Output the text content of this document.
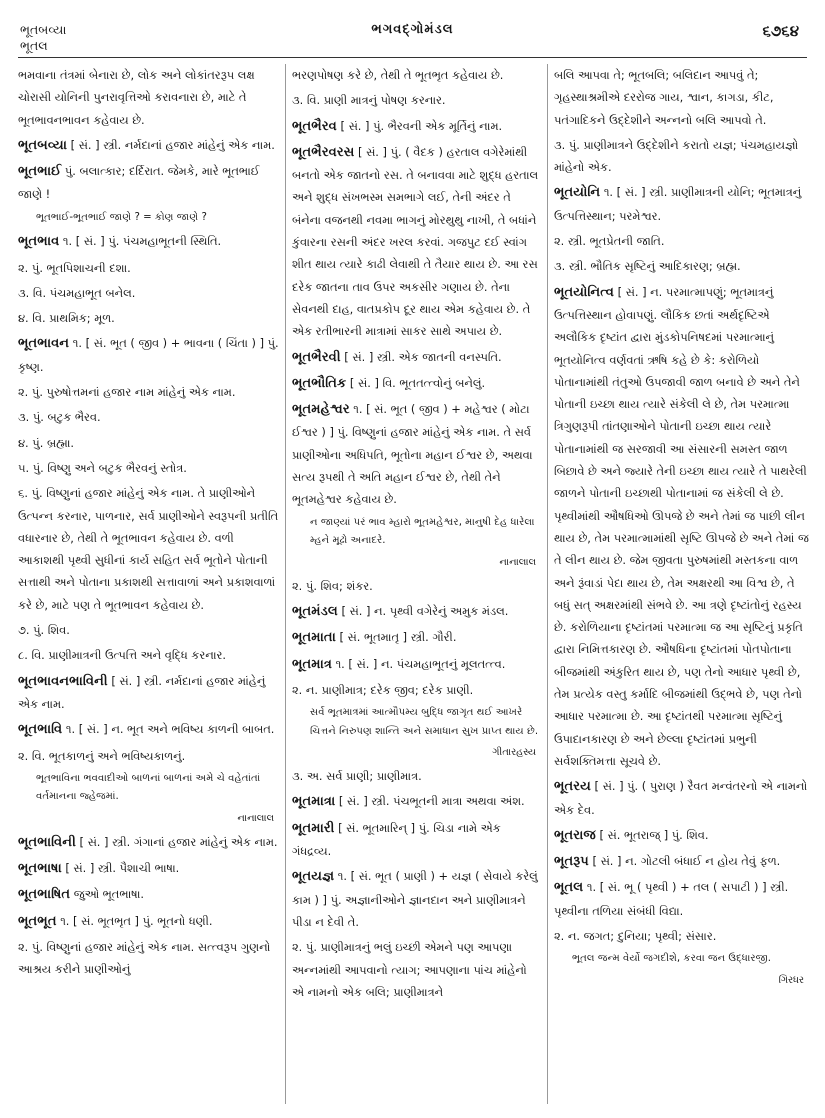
ભૂતબવ્યા
ભૂતલ
ભગવદ્ગોમંડલ	૬૭૬૪
ભમવાના તંત્રમાં બેનારા છે, લોક અને લોકાંતરરૂપ લક્ષ ચોરાસી યોનિની પુનરાવૃત્તિઓ કરાવનારા છે, માટે તે ભૂતભાવનભાવન કહેવાય છે.
ભૂતબવ્યા [ સં. ] સ્ત્રી. નર્મદાનાં હજાર માંહેનું એક નામ.
ભૂતભાઈ પું. બલાત્કાર; દર્દિરાત. જેમકે, મારે ભૂતભાઈ જાણે !
ભૂતભાઈ-ભૂતભાઈ જાણે ? = કોણ જાણે ?
ભૂતભાવ ૧. [ સં. ] પું. પંચમહાભૂતની સ્થિતિ.
૨. પું. ભૂતપિશાચની દશા.
૩. વિ. પંચમહાભૂત બનેલ.
૪. વિ. પ્રાથમિક; મૂળ.
ભૂતભાવન ૧. [ સં. ભૂત ( જીવ ) + ભાવના ( ચિંતા ) ] પું. કૃષ્ણ.
૨. પું. પુરુષોત્તમનાં હજાર નામ માંહેનું એક નામ.
૩. પું. બટુક ભૈરવ.
૪. પું. બ્રહ્મા.
૫. પું. વિષ્ણુ અને બટુક ભૈરવનું સ્તોત્ર.
૬. પું. વિષ્ણુનાં હજાર માંહેનું એક નામ. તે પ્રાણીઓને ઉત્પન્ન કરનાર, પાળનાર, સર્વ પ્રાણીઓને સ્વરૂપની પ્રતીતિ વધારનાર છે, તેથી તે ભૂતભાવન કહેવાય છે. વળી આકાશથી પૃથ્વી સુધીનાં કાર્ય સહિત સર્વ ભૂતોને પોતાની સત્તાથી અને પોતાના પ્રકાશથી સત્તાવાળાં અને પ્રકાશવાળાં કરે છે, માટે પણ તે ભૂતભાવન કહેવાય છે.
૭. પું. શિવ.
૮. વિ. પ્રાણીમાત્રની ઉત્પત્તિ અને વૃદ્ધિ કરનાર.
ભૂતભાવનભાવિની [ સં. ] સ્ત્રી. નર્મદાનાં હજાર માંહેનું એક નામ.
ભૂતભાવિ ૧. [ સં. ] ન. ભૂત અને ભવિષ્ય કાળની બાબત.
૨. વિ. ભૂતકાળનું અને ભવિષ્યકાળનું.
ભૂતભાવિના ભવવાદીઓ બાળનાં બાળનાં અમે ચે વહેતાંતાં વર્તમાનના જ્હેજમાં.
નાનાલાલ
ભૂતભાવિની [ સં. ] સ્ત્રી. ગંગાનાં હજાર માંહેનું એક નામ.
ભૂતભાષા [ સં. ] સ્ત્રી. પૈશાચી ભાષા.
ભૂતભાષિત જુઓ ભૂતભાષા.
ભૂતભૂત ૧. [ સં. ભૂતભૃત ] પું. ભૂતનો ધણી.
૨. પું. વિષ્ણુનાં હજાર માંહેનું એક નામ. સત્ત્વરૂપ ગુણનો આશ્રય કરીને પ્રાણીઓનું
ભરણપોષણ કરે છે, તેથી તે ભૂતભૃત કહેવાય છે.
૩. વિ. પ્રાણી માત્રનું પોષણ કરનાર.
ભૂતભૈરવ [ સં. ] પું. ભૈરવની એક મૂર્તિનું નામ.
ભૂતભૈરવરસ [ સં. ] પું. ( વૈદક ) હરતાલ વગેરેમાંથી બનતો એક જાતનો રસ. તે બનાવવા માટે શુદ્ધ હરતાલ અને શુદ્ધ સંખભસ્મ સમભાગે લઈ, તેની અંદર તે બંનેના વજનથી નવમા ભાગનું મોરથુથુ નાખી, તે બધાંને કુંવારના રસની અંદર ખરલ કરવાં. ગજપુટ દઈ સ્વાંગ શીત થાય ત્યારે કાઢી લેવાથી તે તૈયાર થાય છે. આ રસ દરેક જાતના તાવ ઉપર અકસીર ગણાય છે. તેના સેવનથી દાહ, વાતપ્રકોપ દૂર થાય એમ કહેવાય છે. તે એક રતીભારની માત્રામાં સાકર સાથે અપાય છે.
ભૂતભૈરવી [ સં. ] સ્ત્રી. એક જાતની વનસ્પતિ.
ભૂતભૌતિક [ સં. ] વિ. ભૂતતત્ત્વોનું બનેલું.
ભૂતમહેશ્વર ૧. [ સં. ભૂત ( જીવ ) + મહેશ્વર ( મોટા ઈશ્વર ) ] પું. વિષ્ણુનાં હજાર માંહેનું એક નામ. તે સર્વ પ્રાણીઓના અધિપતિ, ભૂતોના મહાન ઈશ્વર છે, અથવા સત્ય રૂપથી તે અતિ મહાન ઈશ્વર છે, તેથી તેને ભૂતમહેશ્વર કહેવાય છે.
ન જાણ્યાં પરં ભાવ મ્હારો ભૂતમહેશ્વર, માનુષી દેહ ધારેલા મ્હને મૂઢો અનાદરે.
નાનાલાલ
૨. પું. શિવ; શંકર.
ભૂતમંડલ [ સં. ] ન. પૃથ્વી વગેરેનું અમુક મંડલ.
ભૂતમાતા [ સં. ભૂતમાતૃ ] સ્ત્રી. ગૌરી.
ભૂતમાત્ર ૧. [ સં. ] ન. પંચમહાભૂતનું મૂલતત્ત્વ.
૨. ન. પ્રાણીમાત્ર; દરેક જીવ; દરેક પ્રાણી.
સર્વ ભૂતમાત્રમાં આત્મૌપમ્ય બુદ્ધિ જાગૃત થઈ આખરે ચિત્તને નિરુપણ શાન્તિ અને સમાધાન સુખ પ્રાપ્ત થાય છે.
ગીતારહસ્ય
૩. અ. સર્વ પ્રાણી; પ્રાણીમાત્ર.
ભૂતમાત્રા [ સં. ] સ્ત્રી. પંચભૂતની માત્રા અથવા અંશ.
ભૂતમારી [ સં. ભૂતમારિન્ ] પું. ચિડા નામે એક ગંધદ્રવ્ય.
ભૂતયજ્ઞ ૧. [ સં. ભૂત ( પ્રાણી ) + યજ્ઞ ( સેવાયે કરેલું કામ ) ] પું. અજ્ઞાનીઓને જ્ઞાનદાન અને પ્રાણીમાત્રને પીડા ન દેવી તે.
૨. પું. પ્રાણીમાત્રનું ભલું ઇચ્છી એમને પણ આપણા અન્નમાંથી આપવાનો ત્યાગ; આપણાના પાંચ માંહેનો એ નામનો એક બલિ; પ્રાણીમાત્રને
બલિ આપવા તે; ભૂતબલિ; બલિદાન આપવું તે; ગૃહસ્થાશ્રમીએ દરરોજ ગાય, શ્વાન, કાગડા, કીટ, પતંગાદિકને ઉદ્દેશીને અન્નનો બલિ આપવો તે.
૩. પું. પ્રાણીમાત્રને ઉદ્દેશીને કરાતો યજ્ઞ; પંચમહાયજ્ઞો માંહેનો એક.
ભૂતયોનિ ૧. [ સં. ] સ્ત્રી. પ્રાણીમાત્રની યોનિ; ભૂતમાત્રનું ઉત્પત્તિસ્થાન; પરમેશ્વર.
૨. સ્ત્રી. ભૂતપ્રેતની જાતિ.
૩. સ્ત્રી. ભૌતિક સૃષ્ટિનું આદિકારણ; બ્રહ્મ.
ભૂતયોનિત્વ [ સં. ] ન. પરમાત્માપણું; ભૂતમાત્રનું ઉત્પત્તિસ્થાન હોવાપણું. લૌકિક છતાં અર્થદૃષ્ટિએ અલૌકિક દૃષ્ટાંત દ્વારા મુંડકોપનિષદમાં પરમાત્માનું ભૂતયોનિત્વ વર્ણવતાં ઋષિ કહે છે કે: કરોળિયો પોતાનામાંથી તંતુઓ ઉપજાવી જાળ બનાવે છે અને તેને પોતાની ઇચ્છા થાય ત્યારે સંકેલી લે છે, તેમ પરમાત્મા ત્રિગુણરૂપી તાંતણાઓને પોતાની ઇચ્છા થાય ત્યારે પોતાનામાંથી જ સરજાવી આ સંસારની સમસ્ત જાળ બિછાવે છે અને જ્યારે તેની ઇચ્છા થાય ત્યારે તે પાથરેલી જાળને પોતાની ઇચ્છાથી પોતાનામાં જ સંકેલી લે છે. પૃથ્વીમાંથી ઔષધિઓ ઊપજે છે અને તેમાં જ પાછી લીન થાય છે, તેમ પરમાત્મામાંથી સૃષ્ટિ ઊપજે છે અને તેમાં જ તે લીન થાય છે. જેમ જીવતા પુરુષમાંથી મસ્તકના વાળ અને રૂંવાડાં પેદા થાય છે, તેમ અક્ષરથી આ વિશ્વ છે, તે બધું સત્ અક્ષરમાંથી સંભવે છે. આ ત્રણે દૃષ્ટાંતોનું રહસ્ય છે. કરોળિયાના દૃષ્ટાંતમાં પરમાત્મા જ આ સૃષ્ટિનું પ્રકૃતિ દ્વારા નિમિત્તકારણ છે. ઔષધિના દૃષ્ટાંતમાં પોતપોતાના બીજમાંથી અંકુરિત થાય છે, પણ તેનો આધાર પૃથ્વી છે, તેમ પ્રત્યેક વસ્તુ કર્માદિ બીજમાંથી ઉદ્ભવે છે, પણ તેનો આધાર પરમાત્મા છે. આ દૃષ્ટાંતથી પરમાત્મા સૃષ્ટિનું ઉપાદાનકારણ છે અને છેલ્લા દૃષ્ટાંતમાં પ્રભુની સર્વશક્તિમત્તા સૂચવે છે.
ભૂતરય [ સં. ] પું. ( પુરાણ ) રૈવત મન્વંતરનો એ નામનો એક દેવ.
ભૂતરાજ [ સં. ભૂતરાજ્ ] પું. શિવ.
ભૂતરૂપ [ સં. ] ન. ગોટલી બંધાઈ ન હોય તેવું ફળ.
ભૂતલ ૧. [ સં. ભૂ ( પૃથ્વી ) + તલ ( સપાટી ) ] સ્ત્રી. પૃથ્વીના તળિયા સંબંધી વિદ્યા.
૨. ન. જગત; દુનિયા; પૃથ્વી; સંસાર.
ભૂતલ જન્મ વેર્યો જગદીશે, કરવા જન ઉદ્ધારજી.
ગિરધર
